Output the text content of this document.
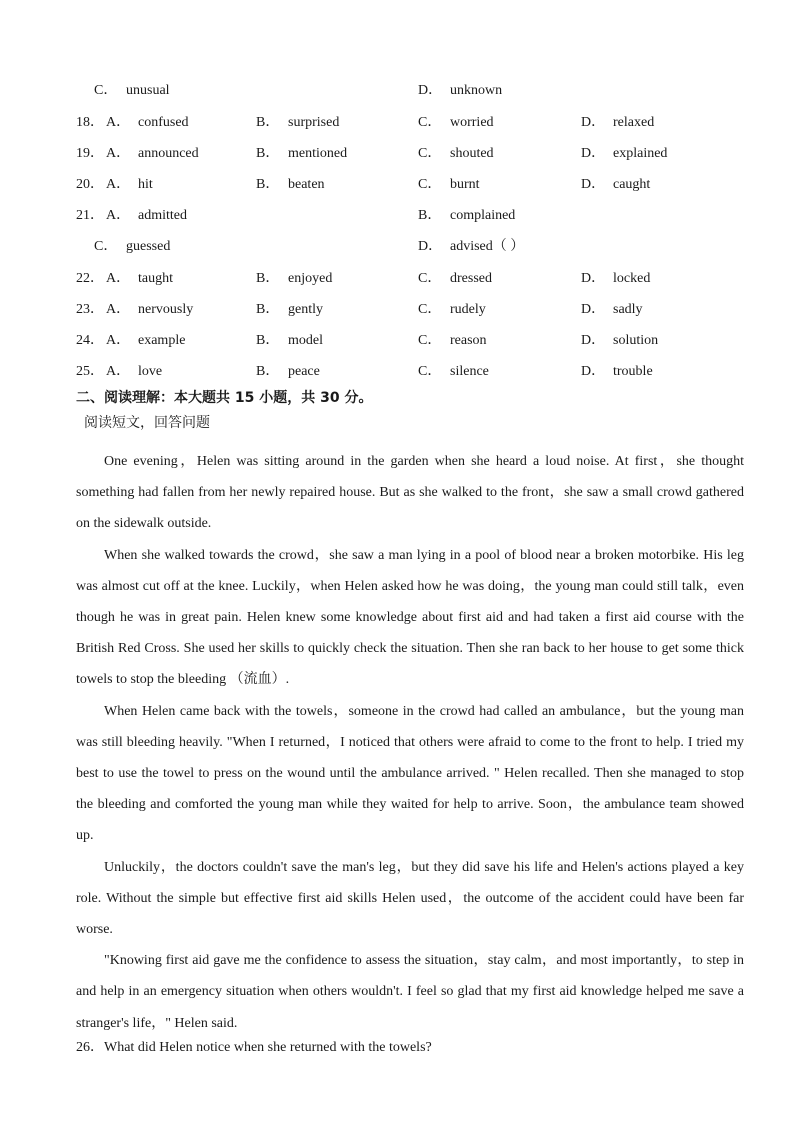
C． unusual	D． unknown
18． A． confused	B． surprised	C． worried	D． relaxed
19． A． announced	B． mentioned	C． shouted	D． explained
20． A． hit	B． beaten	C． burnt	D． caught
21． A． admitted	B． complained
C． guessed	D． advised（ ）
22． A． taught	B． enjoyed	C． dressed	D． locked
23． A． nervously	B． gently	C． rudely	D． sadly
24． A． example	B． model	C． reason	D． solution
25． A． love	B． peace	C． silence	D． trouble
二、阅读理解：本大题共 15 小题，共 30 分。
阅读短文，回答问题

One evening，Helen was sitting around in the garden when she heard a loud noise. At first，she thought something had fallen from her newly repaired house. But as she walked to the front，she saw a small crowd gathered on the sidewalk outside.

When she walked towards the crowd，she saw a man lying in a pool of blood near a broken motorbike. His leg was almost cut off at the knee. Luckily，when Helen asked how he was doing，the young man could still talk，even though he was in great pain. Helen knew some knowledge about first aid and had taken a first aid course with the British Red Cross. She used her skills to quickly check the situation. Then she ran back to her house to get some thick towels to stop the bleeding （流血）.

When Helen came back with the towels，someone in the crowd had called an ambulance，but the young man was still bleeding heavily. "When I returned，I noticed that others were afraid to come to the front to help. I tried my best to use the towel to press on the wound until the ambulance arrived. " Helen recalled. Then she managed to stop the bleeding and comforted the young man while they waited for help to arrive. Soon，the ambulance team showed up.

Unluckily，the doctors couldn't save the man's leg，but they did save his life and Helen's actions played a key role. Without the simple but effective first aid skills Helen used，the outcome of the accident could have been far worse.

"Knowing first aid gave me the confidence to assess the situation，stay calm，and most importantly，to step in and help in an emergency situation when others wouldn't. I feel so glad that my first aid knowledge helped me save a stranger's life，" Helen said.

26．What did Helen notice when she returned with the towels?
